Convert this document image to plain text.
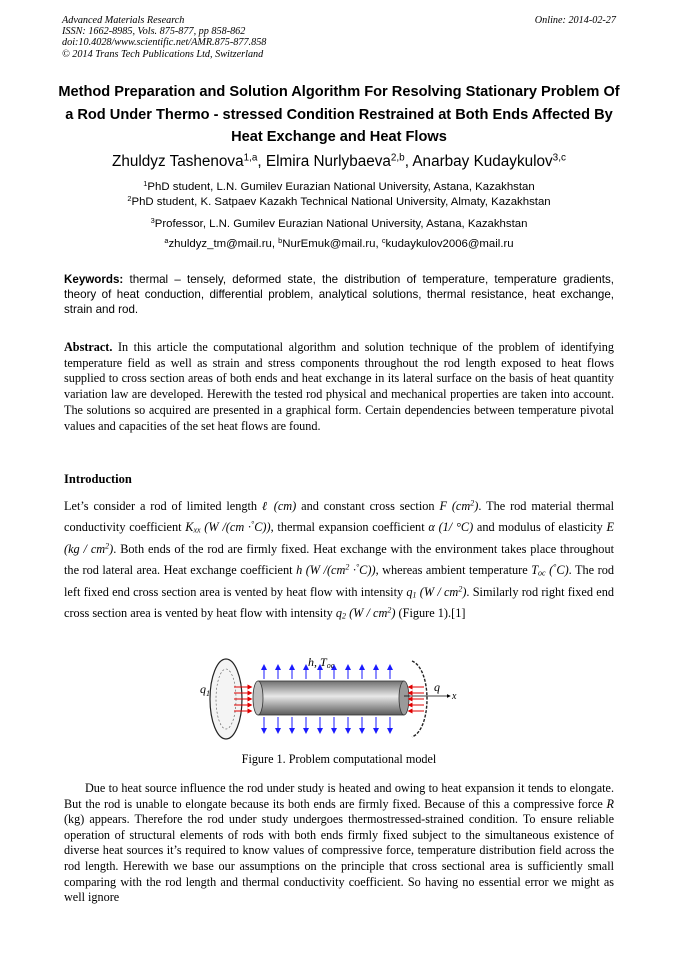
Advanced Materials Research
ISSN: 1662-8985, Vols. 875-877, pp 858-862
doi:10.4028/www.scientific.net/AMR.875-877.858
© 2014 Trans Tech Publications Ltd, Switzerland
Online: 2014-02-27
Method Preparation and Solution Algorithm For Resolving Stationary Problem Of a Rod Under Thermo - stressed Condition Restrained at Both Ends Affected By Heat Exchange and Heat Flows
Zhuldyz Tashenova$^{1,a}$, Elmira Nurlybaeva$^{2,b}$, Anarbay Kudaykulov$^{3,c}$
$^1$PhD student, L.N. Gumilev Eurazian National University, Astana, Kazakhstan
$^2$PhD student, K. Satpaev Kazakh Technical National University, Almaty, Kazakhstan
$^3$Professor, L.N. Gumilev Eurazian National University, Astana, Kazakhstan
$^a$zhuldyz_tm@mail.ru, $^b$NurEmuk@mail.ru, $^c$kudaykulov2006@mail.ru
Keywords: thermal – tensely, deformed state, the distribution of temperature, temperature gradients, theory of heat conduction, differential problem, analytical solutions, thermal resistance, heat exchange, strain and rod.
Abstract. In this article the computational algorithm and solution technique of the problem of identifying temperature field as well as strain and stress components throughout the rod length exposed to heat flows supplied to cross section areas of both ends and heat exchange in its lateral surface on the basis of heat quantity variation law are developed. Herewith the tested rod physical and mechanical properties are taken into account. The solutions so acquired are presented in a graphical form. Certain dependencies between temperature pivotal values and capacities of the set heat flows are found.
Introduction
Let’s consider a rod of limited length ℓ (cm) and constant cross section F $(cm^2)$. The rod material thermal conductivity coefficient $K_{xx}$ (W /(cm ·°C)), thermal expansion coefficient α (1/ °C) and modulus of elasticity E $(kg / cm^2)$. Both ends of the rod are firmly fixed. Heat exchange with the environment takes place throughout the rod lateral area. Heat exchange coefficient h (W $/(cm^2 \cdot^\circ C)$), whereas ambient temperature $T_{oc}$ (°C). The rod left fixed end cross section area is vented by heat flow with intensity $q_1$ $(W / cm^2)$. Similarly rod right fixed end cross section area is vented by heat flow with intensity $q_2$ $(W / cm^2)$ (Figure 1).[1]
h, Toc
$q_1$	q
x
Figure 1. Problem computational model
Due to heat source influence the rod under study is heated and owing to heat expansion it tends to elongate. But the rod is unable to elongate because its both ends are firmly fixed. Because of this a compressive force R (kg) appears. Therefore the rod under study undergoes thermostressed-strained condition. To ensure reliable operation of structural elements of rods with both ends firmly fixed subject to the simultaneous existence of diverse heat sources it’s required to know values of compressive force, temperature distribution field across the rod length. Herewith we base our assumptions on the principle that cross sectional area is sufficiently small comparing with the rod length and thermal conductivity coefficient. So having no essential error we might as well ignore
